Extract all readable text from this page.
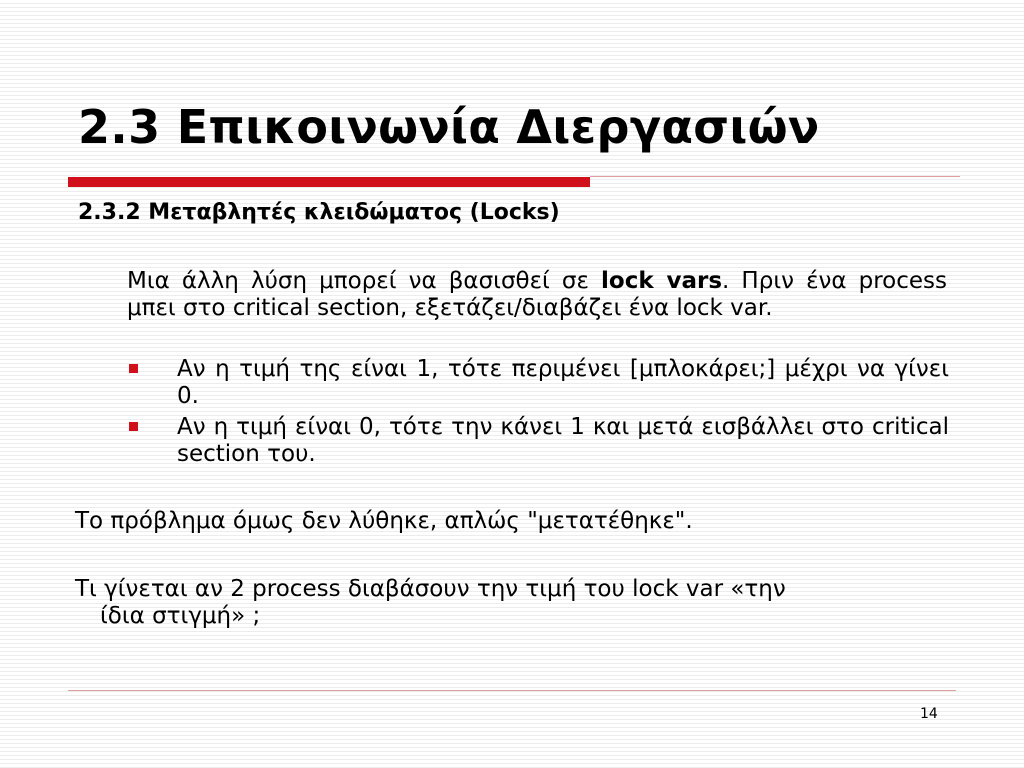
2.3 Επικοινωνία Διεργασιών
2.3.2 Μεταβλητές κλειδώματος (Locks)

Μια άλλη λύση μπορεί να βασισθεί σε lock vars. Πριν ένα process μπει στο critical section, εξετάζει/διαβάζει ένα lock var.

Αν η τιμή της είναι 1, τότε περιμένει [μπλοκάρει;] μέχρι να γίνει 0.
Αν η τιμή είναι 0, τότε την κάνει 1 και μετά εισβάλλει στο critical section του.

Το πρόβλημα όμως δεν λύθηκε, απλώς "μετατέθηκε".

Τι γίνεται αν 2 process διαβάσουν την τιμή του lock var «την
ίδια στιγμή» ;

14
